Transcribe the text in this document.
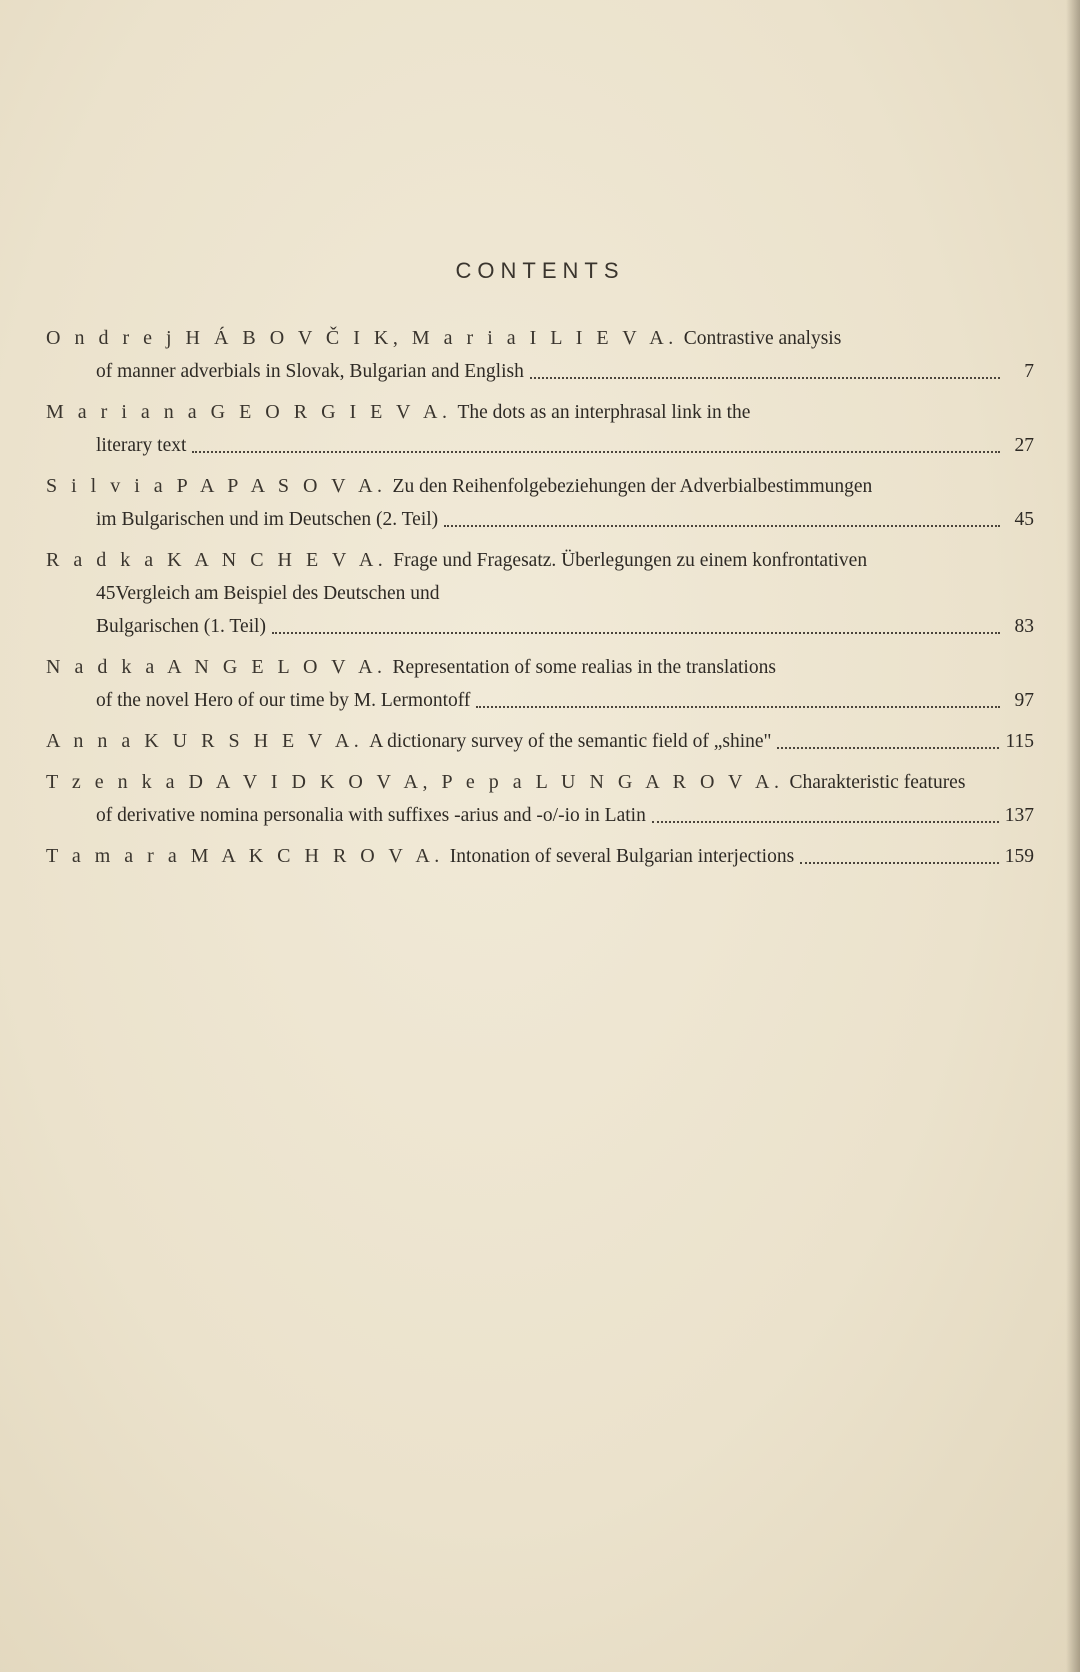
CONTENTS
O n d r e j H Á B O V Č I K, M a r i a I L I E V A. Contrastive analysis
of manner adverbials in Slovak, Bulgarian and English	7
M a r i a n a G E O R G I E V A. The dots as an interphrasal link in the
literary text	27
S i l v i a P A P A S O V A. Zu den Reihenfolgebeziehungen der Adverbialbestimmungen
im Bulgarischen und im Deutschen (2. Teil)	45
R a d k a K A N C H E V A. Frage und Fragesatz. Überlegungen zu einem konfrontativen
45Vergleich am Beispiel des Deutschen und
Bulgarischen (1. Teil)	83
N a d k a A N G E L O V A. Representation of some realias in the translations
of the novel Hero of our time by M. Lermontoff	97
A n n a K U R S H E V A. A dictionary survey of the semantic field of „shine"	115
T z e n k a D A V I D K O V A, P e p a L U N G A R O V A. Charakteristic features
of derivative nomina personalia with suffixes -arius and -o/-io in Latin	137
T a m a r a M A K C H R O V A. Intonation of several Bulgarian interjections	159
